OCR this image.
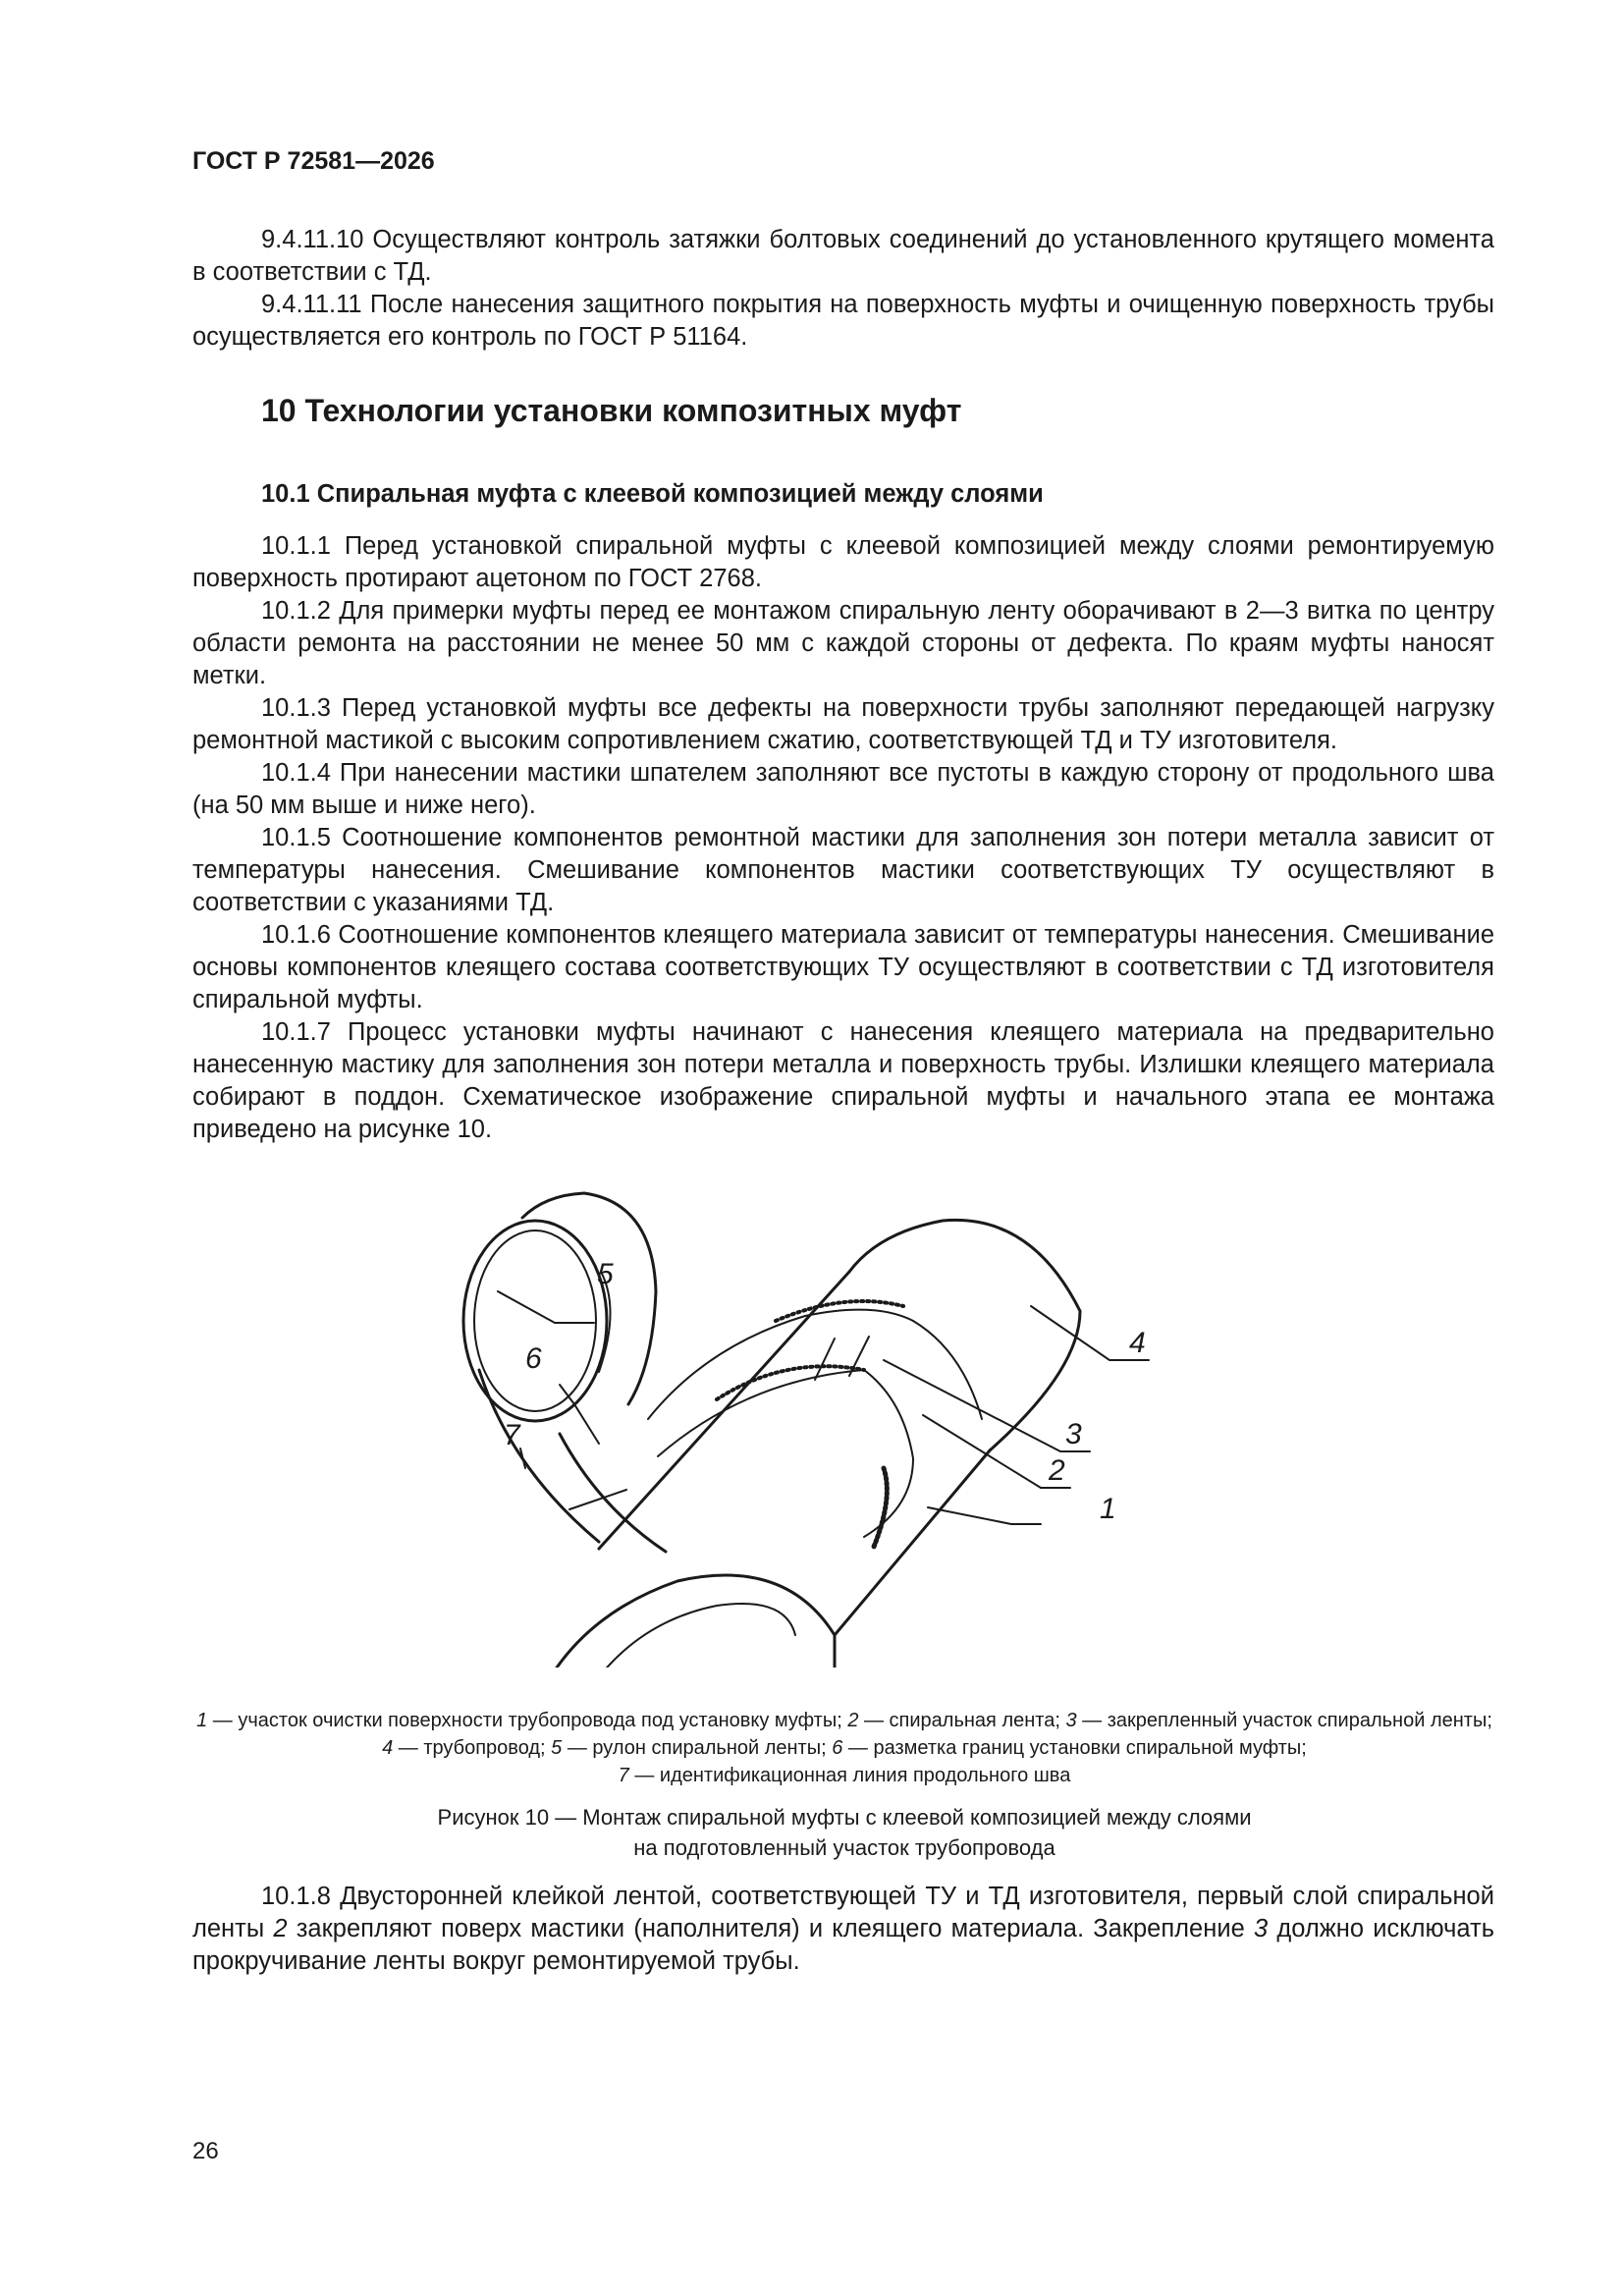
ГОСТ Р 72581—2026

9.4.11.10 Осуществляют контроль затяжки болтовых соединений до установленного крутящего момента в соответствии с ТД.

9.4.11.11 После нанесения защитного покрытия на поверхность муфты и очищенную поверхность трубы осуществляется его контроль по ГОСТ Р 51164.

10 Технологии установки композитных муфт
10.1 Спиральная муфта с клеевой композицией между слоями

10.1.1 Перед установкой спиральной муфты с клеевой композицией между слоями ремонтируемую поверхность протирают ацетоном по ГОСТ 2768.

10.1.2 Для примерки муфты перед ее монтажом спиральную ленту оборачивают в 2—3 витка по центру области ремонта на расстоянии не менее 50 мм с каждой стороны от дефекта. По краям муфты наносят метки.

10.1.3 Перед установкой муфты все дефекты на поверхности трубы заполняют передающей нагрузку ремонтной мастикой с высоким сопротивлением сжатию, соответствующей ТД и ТУ изготовителя.

10.1.4 При нанесении мастики шпателем заполняют все пустоты в каждую сторону от продольного шва (на 50 мм выше и ниже него).

10.1.5 Соотношение компонентов ремонтной мастики для заполнения зон потери металла зависит от температуры нанесения. Смешивание компонентов мастики соответствующих ТУ осуществляют в соответствии с указаниями ТД.

10.1.6 Соотношение компонентов клеящего материала зависит от температуры нанесения. Смешивание основы компонентов клеящего состава соответствующих ТУ осуществляют в соответствии с ТД изготовителя спиральной муфты.

10.1.7 Процесс установки муфты начинают с нанесения клеящего материала на предварительно нанесенную мастику для заполнения зон потери металла и поверхность трубы. Излишки клеящего материала собирают в поддон. Схематическое изображение спиральной муфты и начального этапа ее монтажа приведено на рисунке 10.

5
6
7
4
3
2
1
1 — участок очистки поверхности трубопровода под установку муфты; 2 — спиральная лента; 3 — закрепленный участок спиральной ленты; 4 — трубопровод; 5 — рулон спиральной ленты; 6 — разметка границ установки спиральной муфты;
7 — идентификационная линия продольного шва
Рисунок 10 — Монтаж спиральной муфты с клеевой композицией между слоями
на подготовленный участок трубопровода

10.1.8 Двусторонней клейкой лентой, соответствующей ТУ и ТД изготовителя, первый слой спиральной ленты 2 закрепляют поверх мастики (наполнителя) и клеящего материала. Закрепление 3 должно исключать прокручивание ленты вокруг ремонтируемой трубы.

26
